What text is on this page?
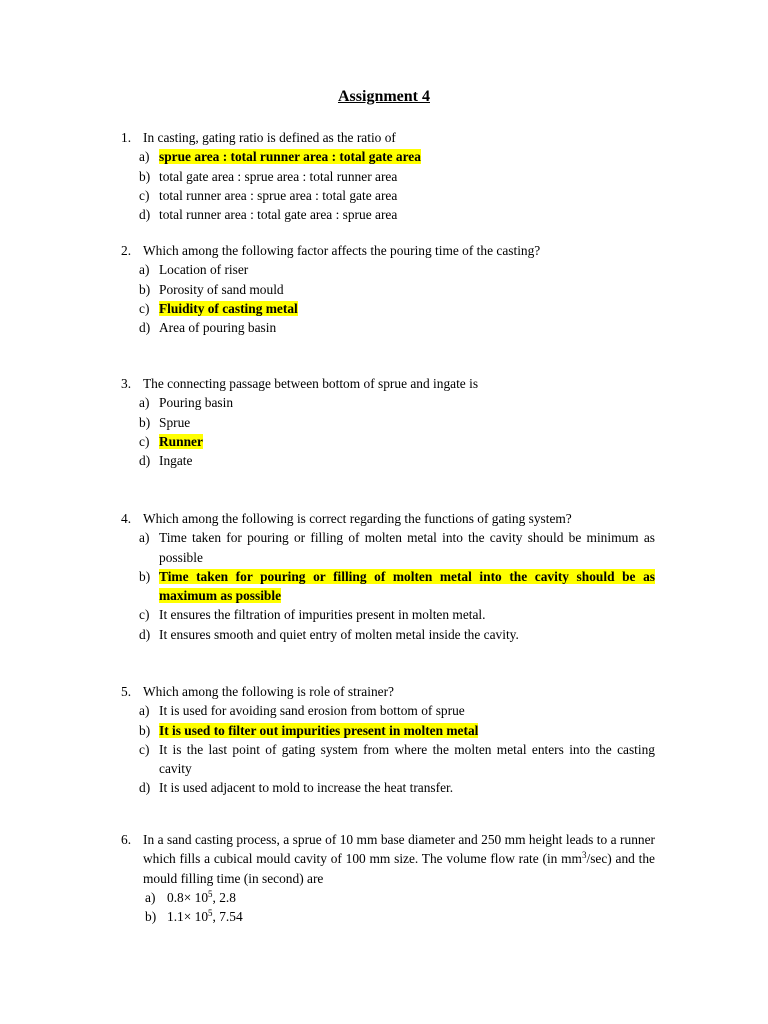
Assignment 4
1. In casting, gating ratio is defined as the ratio of
a) sprue area : total runner area : total gate area
b) total gate area : sprue area : total runner area
c) total runner area : sprue area : total gate area
d) total runner area : total gate area : sprue area
2. Which among the following factor affects the pouring time of the casting?
a) Location of riser
b) Porosity of sand mould
c) Fluidity of casting metal
d) Area of pouring basin
3. The connecting passage between bottom of sprue and ingate is
a) Pouring basin
b) Sprue
c) Runner
d) Ingate
4. Which among the following is correct regarding the functions of gating system?
a) Time taken for pouring or filling of molten metal into the cavity should be minimum as possible
b) Time taken for pouring or filling of molten metal into the cavity should be as maximum as possible
c) It ensures the filtration of impurities present in molten metal.
d) It ensures smooth and quiet entry of molten metal inside the cavity.
5. Which among the following is role of strainer?
a) It is used for avoiding sand erosion from bottom of sprue
b) It is used to filter out impurities present in molten metal
c) It is the last point of gating system from where the molten metal enters into the casting cavity
d) It is used adjacent to mold to increase the heat transfer.
6. In a sand casting process, a sprue of 10 mm base diameter and 250 mm height leads to a runner which fills a cubical mould cavity of 100 mm size. The volume flow rate (in $mm^3/\sec$) and the mould filling time (in second) are
a) $0.8\times 10^5$, 2.8
b) $1.1\times 10^5$, 7.54
